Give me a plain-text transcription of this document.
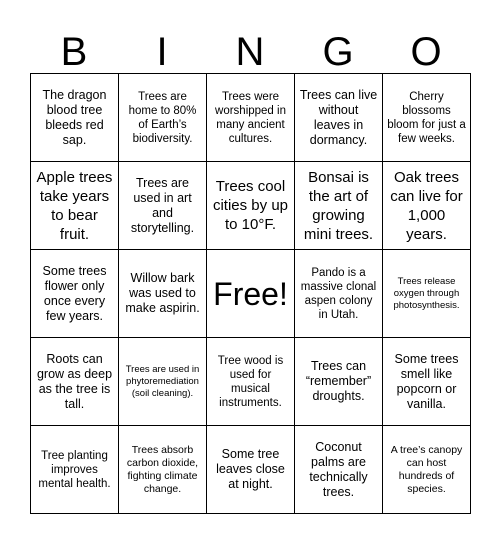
B	I	N	G	O
The dragon blood tree bleeds red sap.
Trees are home to 80% of Earth’s biodiversity.
Trees were worshipped in many ancient cultures.
Trees can live without leaves in dormancy.
Cherry blossoms bloom for just a few weeks.
Apple trees take years to bear fruit.
Trees are used in art and storytelling.
Trees cool cities by up to 10°F.
Bonsai is the art of growing mini trees.
Oak trees can live for 1,000 years.
Some trees flower only once every few years.
Willow bark was used to make aspirin. Free!
Pando is a massive clonal aspen colony in Utah.
Trees release oxygen through photosynthesis.
Roots can grow as deep as the tree is tall.
Trees are used in phytoremediation (soil cleaning).
Tree wood is used for musical instruments.
Trees can “remember” droughts.
Some trees smell like popcorn or vanilla.
Tree planting improves mental health.
Trees absorb carbon dioxide, fighting climate change.
Some tree leaves close at night.
Coconut palms are technically trees.
A tree’s canopy can host hundreds of species.
